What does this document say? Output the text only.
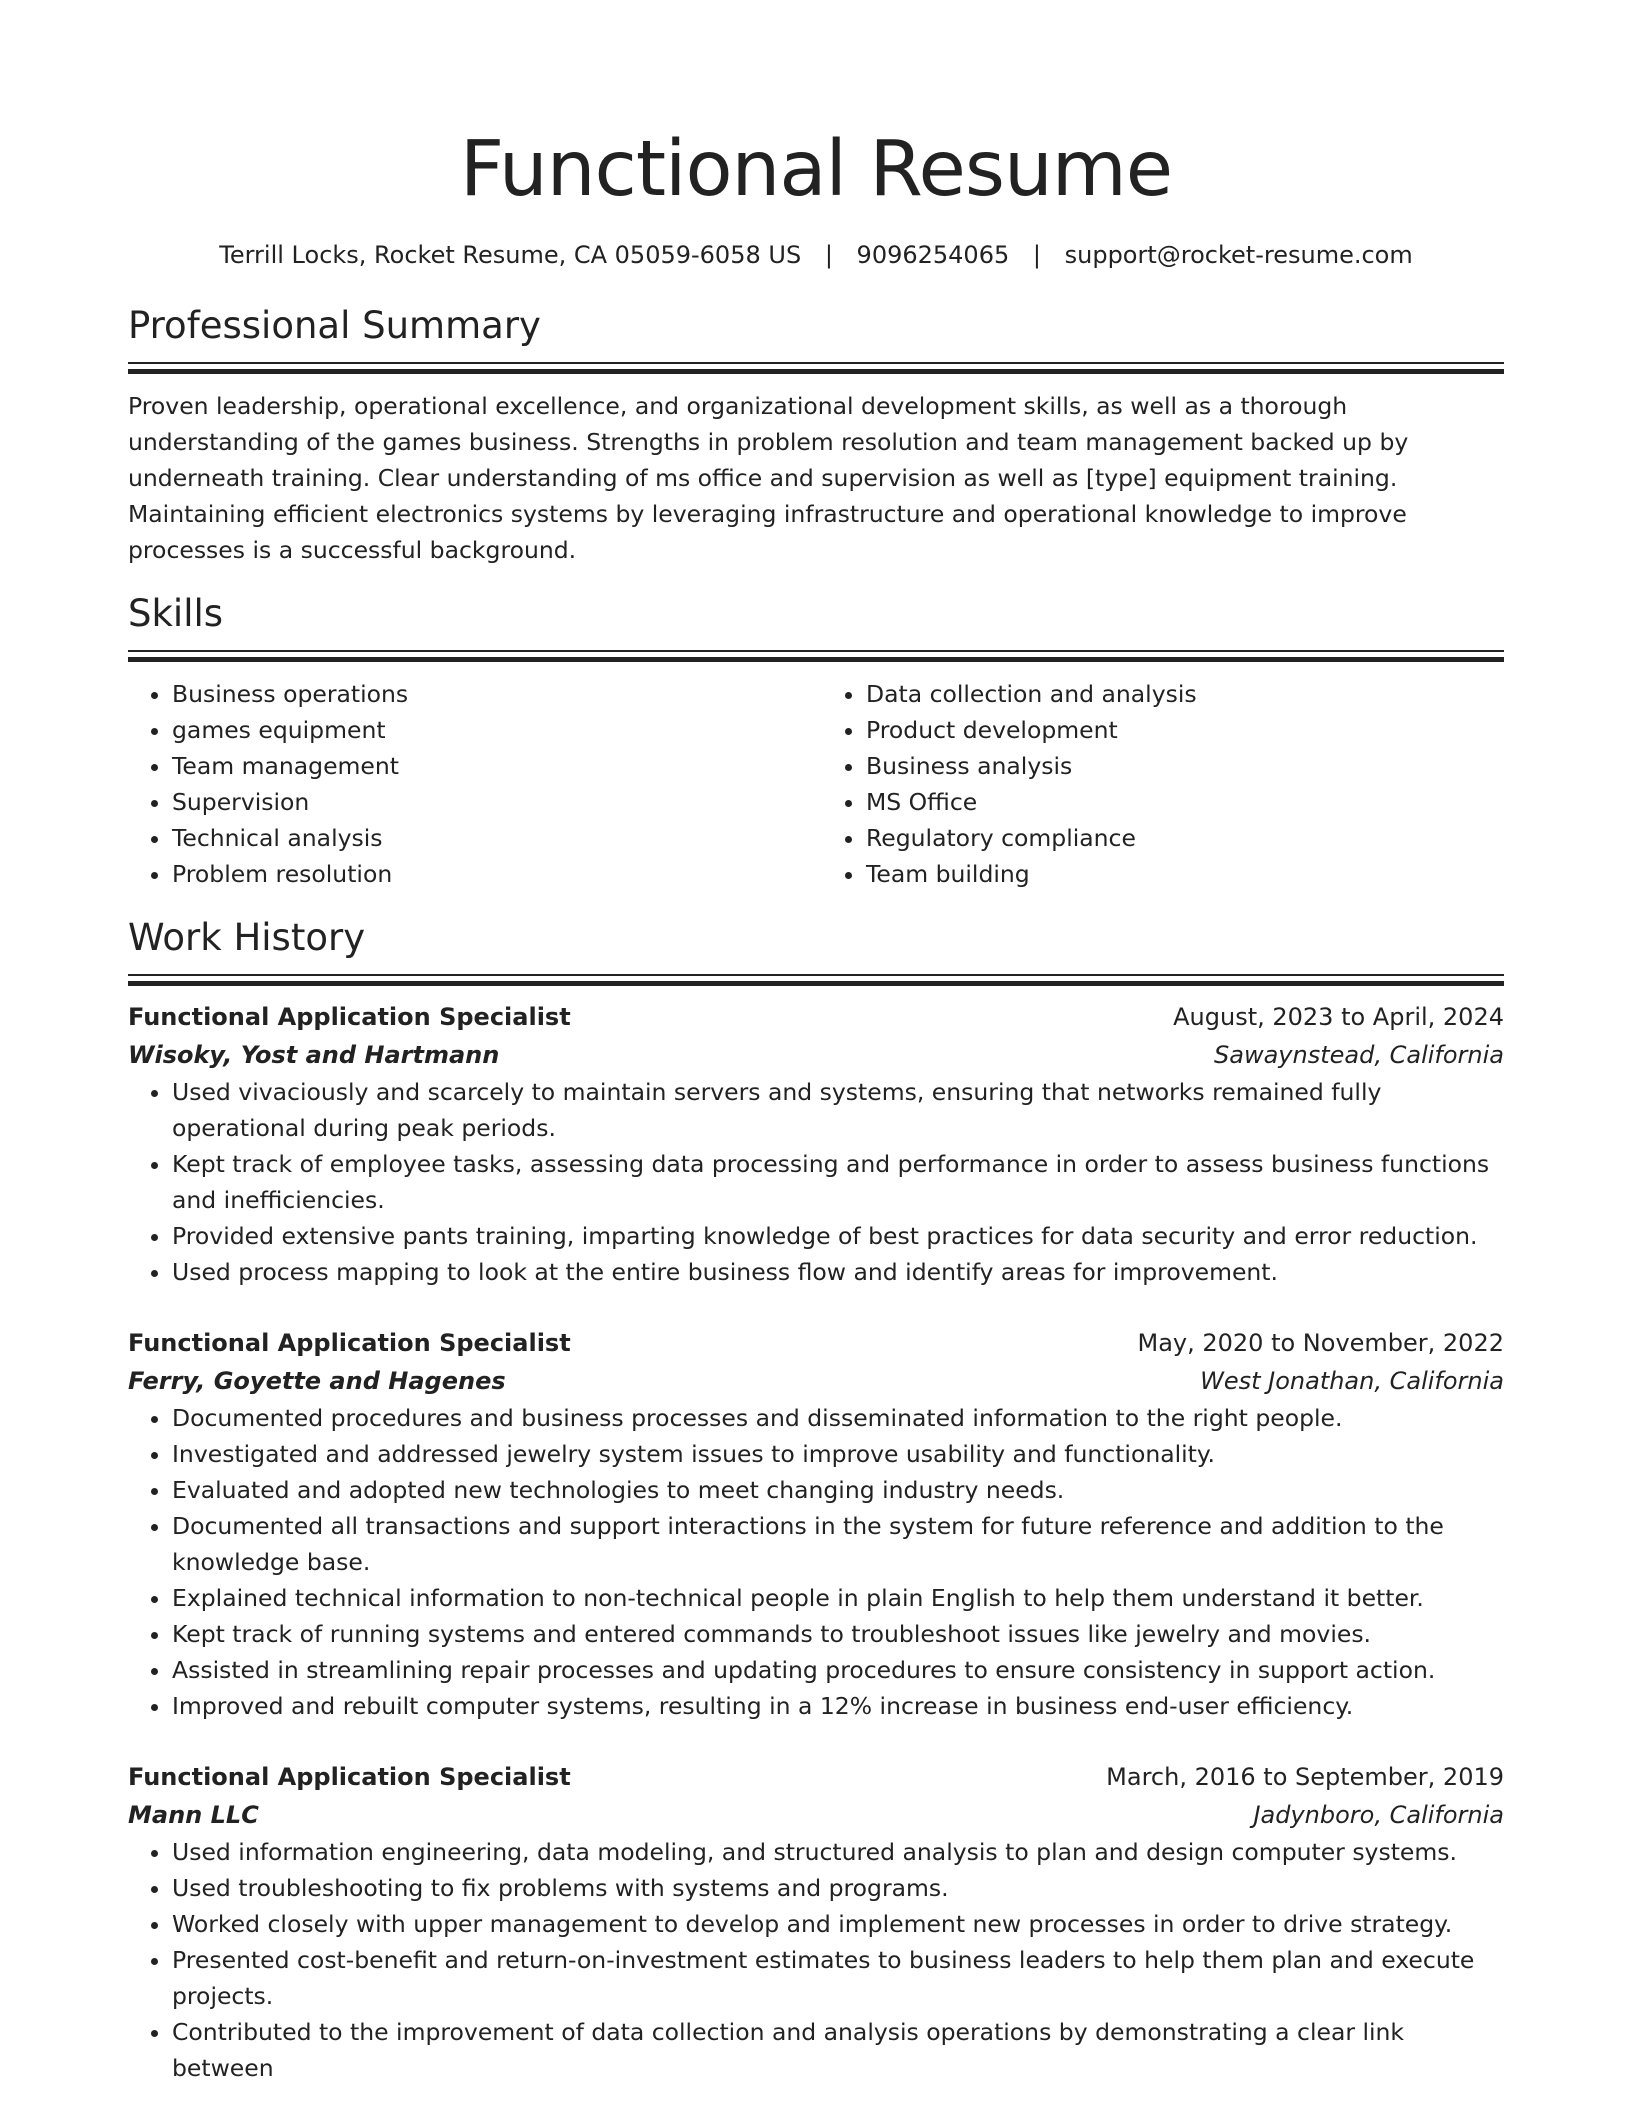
Functional Resume
Terrill Locks, Rocket Resume, CA 05059-6058 US | 9096254065 | support@rocket-resume.com
Professional Summary

Proven leadership, operational excellence, and organizational development skills, as well as a thorough understanding of the games business. Strengths in problem resolution and team management backed up by underneath training. Clear understanding of ms office and supervision as well as [type] equipment training. Maintaining efficient electronics systems by leveraging infrastructure and operational knowledge to improve processes is a successful background.

Skills
• Business operations
• games equipment
• Team management
• Supervision
• Technical analysis
• Problem resolution
• Data collection and analysis
• Product development
• Business analysis
• MS Office
• Regulatory compliance
• Team building
Work History
Functional Application Specialist	August, 2023 to April, 2024
Wisoky, Yost and Hartmann	Sawaynstead, California
• Used vivaciously and scarcely to maintain servers and systems, ensuring that networks remained fully operational during peak periods.
• Kept track of employee tasks, assessing data processing and performance in order to assess business functions and inefficiencies.
• Provided extensive pants training, imparting knowledge of best practices for data security and error reduction.
• Used process mapping to look at the entire business flow and identify areas for improvement.
Functional Application Specialist	May, 2020 to November, 2022
Ferry, Goyette and Hagenes	West Jonathan, California
• Documented procedures and business processes and disseminated information to the right people.
• Investigated and addressed jewelry system issues to improve usability and functionality.
• Evaluated and adopted new technologies to meet changing industry needs.
• Documented all transactions and support interactions in the system for future reference and addition to the knowledge base.
• Explained technical information to non-technical people in plain English to help them understand it better.
• Kept track of running systems and entered commands to troubleshoot issues like jewelry and movies.
• Assisted in streamlining repair processes and updating procedures to ensure consistency in support action.
• Improved and rebuilt computer systems, resulting in a 12% increase in business end-user efficiency.
Functional Application Specialist	March, 2016 to September, 2019
Mann LLC	Jadynboro, California
• Used information engineering, data modeling, and structured analysis to plan and design computer systems.
• Used troubleshooting to fix problems with systems and programs.
• Worked closely with upper management to develop and implement new processes in order to drive strategy.
• Presented cost-benefit and return-on-investment estimates to business leaders to help them plan and execute projects.
• Contributed to the improvement of data collection and analysis operations by demonstrating a clear link between
